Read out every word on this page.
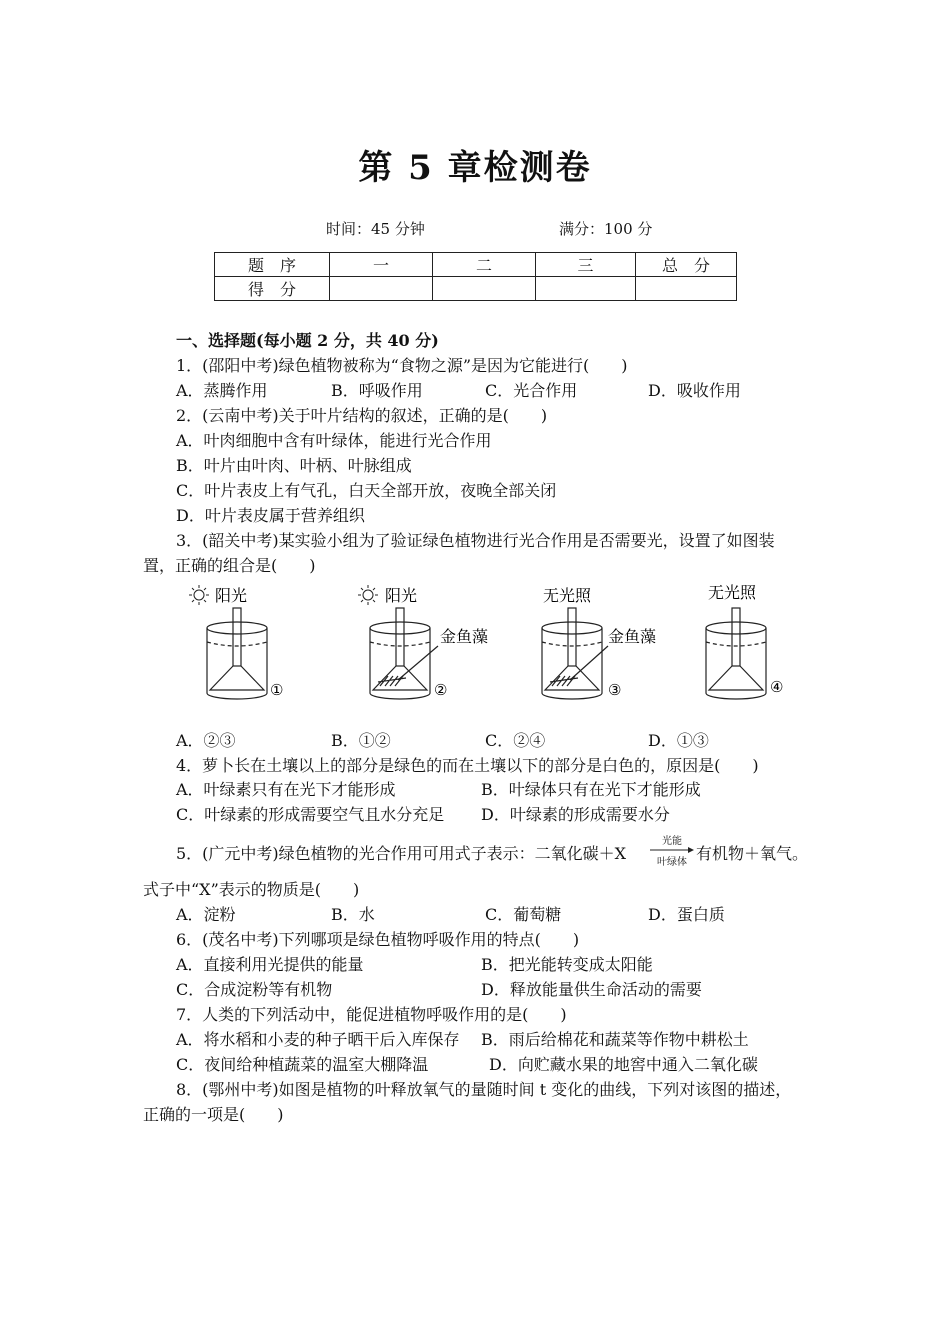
第 5 章检测卷
时间：45 分钟	满分：100 分
题　序	一	二	三	总　分
得　分				
一、选择题(每小题 2 分，共 40 分)
1．(邵阳中考)绿色植物被称为“食物之源”是因为它能进行(　　)
A．蒸腾作用	B．呼吸作用	C．光合作用	D．吸收作用
2．(云南中考)关于叶片结构的叙述，正确的是(　　)
A．叶肉细胞中含有叶绿体，能进行光合作用
B．叶片由叶肉、叶柄、叶脉组成
C．叶片表皮上有气孔，白天全部开放，夜晚全部关闭
D．叶片表皮属于营养组织
3．(韶关中考)某实验小组为了验证绿色植物进行光合作用是否需要光，设置了如图装
置，正确的组合是(　　)
阳光	阳光	无光照	无光照
①
金鱼藻
②
金鱼藻
③	④
A．②③	B．①②	C．②④	D．①③
4．萝卜长在土壤以上的部分是绿色的而在土壤以下的部分是白色的，原因是(　　)
A．叶绿素只有在光下才能形成	B．叶绿体只有在光下才能形成
C．叶绿素的形成需要空气且水分充足 D．叶绿素的形成需要水分
5．(广元中考)绿色植物的光合作用可用式子表示：二氧化碳＋X
光能
叶绿体 有机物＋氧气。
式子中“X”表示的物质是(　　)
A．淀粉	B．水	C．葡萄糖	D．蛋白质
6．(茂名中考)下列哪项是绿色植物呼吸作用的特点(　　)
A．直接利用光提供的能量	B．把光能转变成太阳能
C．合成淀粉等有机物	D．释放能量供生命活动的需要
7．人类的下列活动中，能促进植物呼吸作用的是(　　)
A．将水稻和小麦的种子晒干后入库保存 B．雨后给棉花和蔬菜等作物中耕松土
C．夜间给种植蔬菜的温室大棚降温	D．向贮藏水果的地窖中通入二氧化碳
8．(鄂州中考)如图是植物的叶释放氧气的量随时间 t 变化的曲线，下列对该图的描述，
正确的一项是(　　)
